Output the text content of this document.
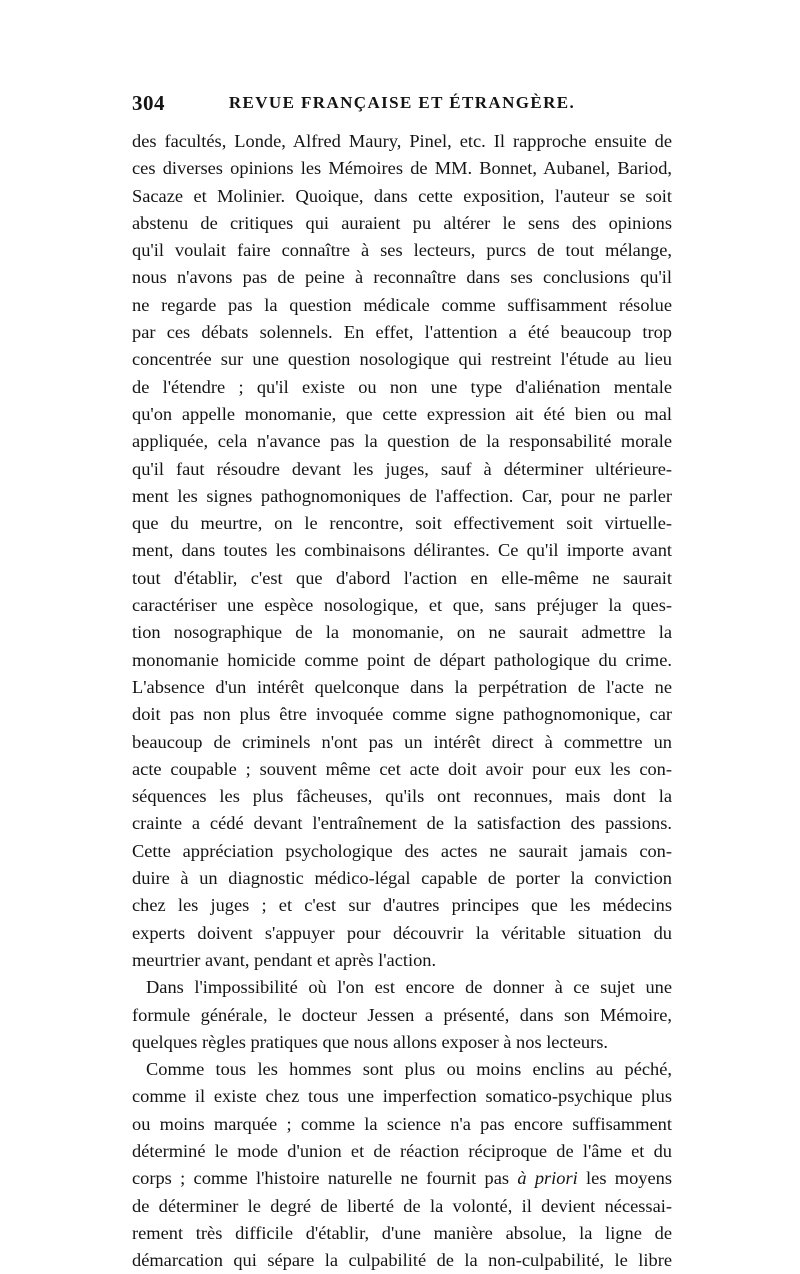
304	REVUE FRANÇAISE ET ÉTRANGÈRE.
des facultés, Londe, Alfred Maury, Pinel, etc. Il rapproche ensuite de
ces diverses opinions les Mémoires de MM. Bonnet, Aubanel, Bariod,
Sacaze et Molinier. Quoique, dans cette exposition, l'auteur se soit
abstenu de critiques qui auraient pu altérer le sens des opinions
qu'il voulait faire connaître à ses lecteurs, purcs de tout mélange,
nous n'avons pas de peine à reconnaître dans ses conclusions qu'il
ne regarde pas la question médicale comme suffisamment résolue
par ces débats solennels. En effet, l'attention a été beaucoup trop
concentrée sur une question nosologique qui restreint l'étude au lieu
de l'étendre ; qu'il existe ou non une type d'aliénation mentale
qu'on appelle monomanie, que cette expression ait été bien ou mal
appliquée, cela n'avance pas la question de la responsabilité morale
qu'il faut résoudre devant les juges, sauf à déterminer ultérieure-
ment les signes pathognomoniques de l'affection. Car, pour ne parler
que du meurtre, on le rencontre, soit effectivement soit virtuelle-
ment, dans toutes les combinaisons délirantes. Ce qu'il importe avant
tout d'établir, c'est que d'abord l'action en elle-même ne saurait
caractériser une espèce nosologique, et que, sans préjuger la ques-
tion nosographique de la monomanie, on ne saurait admettre la
monomanie homicide comme point de départ pathologique du crime.
L'absence d'un intérêt quelconque dans la perpétration de l'acte ne
doit pas non plus être invoquée comme signe pathognomonique, car
beaucoup de criminels n'ont pas un intérêt direct à commettre un
acte coupable ; souvent même cet acte doit avoir pour eux les con-
séquences les plus fâcheuses, qu'ils ont reconnues, mais dont la
crainte a cédé devant l'entraînement de la satisfaction des passions.
Cette appréciation psychologique des actes ne saurait jamais con-
duire à un diagnostic médico-légal capable de porter la conviction
chez les juges ; et c'est sur d'autres principes que les médecins
experts doivent s'appuyer pour découvrir la véritable situation du
meurtrier avant, pendant et après l'action.
Dans l'impossibilité où l'on est encore de donner à ce sujet une
formule générale, le docteur Jessen a présenté, dans son Mémoire,
quelques règles pratiques que nous allons exposer à nos lecteurs.
Comme tous les hommes sont plus ou moins enclins au péché,
comme il existe chez tous une imperfection somatico-psychique plus
ou moins marquée ; comme la science n'a pas encore suffisamment
déterminé le mode d'union et de réaction réciproque de l'âme et du
corps ; comme l'histoire naturelle ne fournit pas à priori les moyens
de déterminer le degré de liberté de la volonté, il devient nécessai-
rement très difficile d'établir, d'une manière absolue, la ligne de
démarcation qui sépare la culpabilité de la non-culpabilité, le libre
